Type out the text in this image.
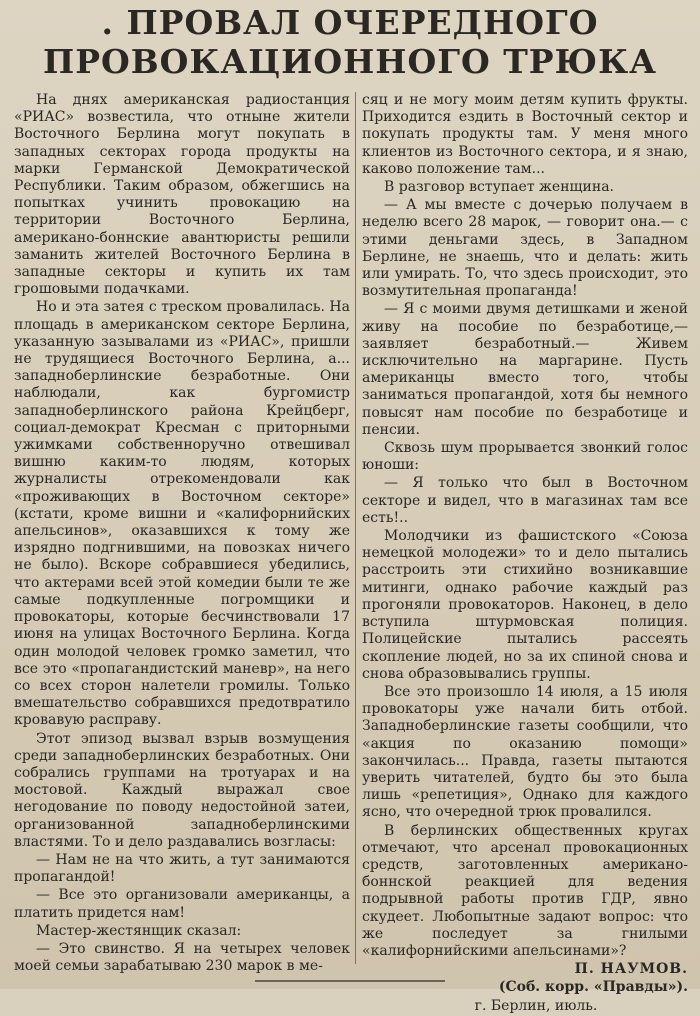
. ПРОВАЛ ОЧЕРЕДНОГО
ПРОВОКАЦИОННОГО ТРЮКА

На днях американская радиостанция «РИАС» возвестила, что отныне жители Восточного Берлина могут покупать в западных секторах города продукты на марки Германской Демократической Республики. Таким образом, обжегшись на попытках учинить провокацию на территории Восточного Берлина, американо-боннские авантюристы решили заманить жителей Восточного Берлина в западные секторы и купить их там грошовыми подачками.

Но и эта затея с треском провалилась. На площадь в американском секторе Берлина, указанную зазывалами из «РИАС», пришли не трудящиеся Восточного Берлина, а... западноберлинские безработные. Они наблюдали, как бургомистр западноберлинского района Крейцберг, социал-демократ Кресман с приторными ужимками собственноручно отвешивал вишню каким-то людям, которых журналисты отрекомендовали как «проживающих в Восточном секторе» (кстати, кроме вишни и «калифорнийских апельсинов», оказавшихся к тому же изрядно подгнившими, на повозках ничего не было). Вскоре собравшиеся убедились, что актерами всей этой комедии были те же самые подкупленные погромщики и провокаторы, которые бесчинствовали 17 июня на улицах Восточного Берлина. Когда один молодой человек громко заметил, что все это «пропагандистский маневр», на него со всех сторон налетели громилы. Только вмешательство собравшихся предотвратило кровавую расправу.

Этот эпизод вызвал взрыв возмущения среди западноберлинских безработных. Они собрались группами на тротуарах и на мостовой. Каждый выражал свое негодование по поводу недостойной затеи, организованной западноберлинскими властями. То и дело раздавались возгласы:

— Нам не на что жить, а тут занимаются пропагандой!

— Все это организовали американцы, а платить придется нам!

Мастер-жестянщик сказал:

— Это свинство. Я на четырех человек моей семьи зарабатываю 230 марок в ме-

сяц и не могу моим детям купить фрукты. Приходится ездить в Восточный сектор и покупать продукты там. У меня много клиентов из Восточного сектора, и я знаю, каково положение там...

В разговор вступает женщина.

— А мы вместе с дочерью получаем в неделю всего 28 марок, — говорит она.— с этими деньгами здесь, в Западном Берлине, не знаешь, что и делать: жить или умирать. То, что здесь происходит, это возмутительная пропаганда!

— Я с моими двумя детишками и женой живу на пособие по безработице,—заявляет безработный.— Живем исключительно на маргарине. Пусть американцы вместо того, чтобы заниматься пропагандой, хотя бы немного повысят нам пособие по безработице и пенсии.

Сквозь шум прорывается звонкий голос юноши:

— Я только что был в Восточном секторе и видел, что в магазинах там все есть!..

Молодчики из фашистского «Союза немецкой молодежи» то и дело пытались расстроить эти стихийно возникавшие митинги, однако рабочие каждый раз прогоняли провокаторов. Наконец, в дело вступила штурмовская полиция. Полицейские пытались рассеять скопление людей, но за их спиной снова и снова образовывались группы.

Все это произошло 14 июля, а 15 июля провокаторы уже начали бить отбой. Западноберлинские газеты сообщили, что «акция по оказанию помощи» закончилась... Правда, газеты пытаются уверить читателей, будто бы это была лишь «репетиция», Однако для каждого ясно, что очередной трюк провалился.

В берлинских общественных кругах отмечают, что арсенал провокационных средств, заготовленных американо-боннской реакцией для ведения подрывной работы против ГДР, явно скудеет. Любопытные задают вопрос: что же последует за гнилыми «калифорнийскими апельсинами»?

П. НАУМОВ.

(Соб. корр. «Правды»).

г. Берлин, июль.
